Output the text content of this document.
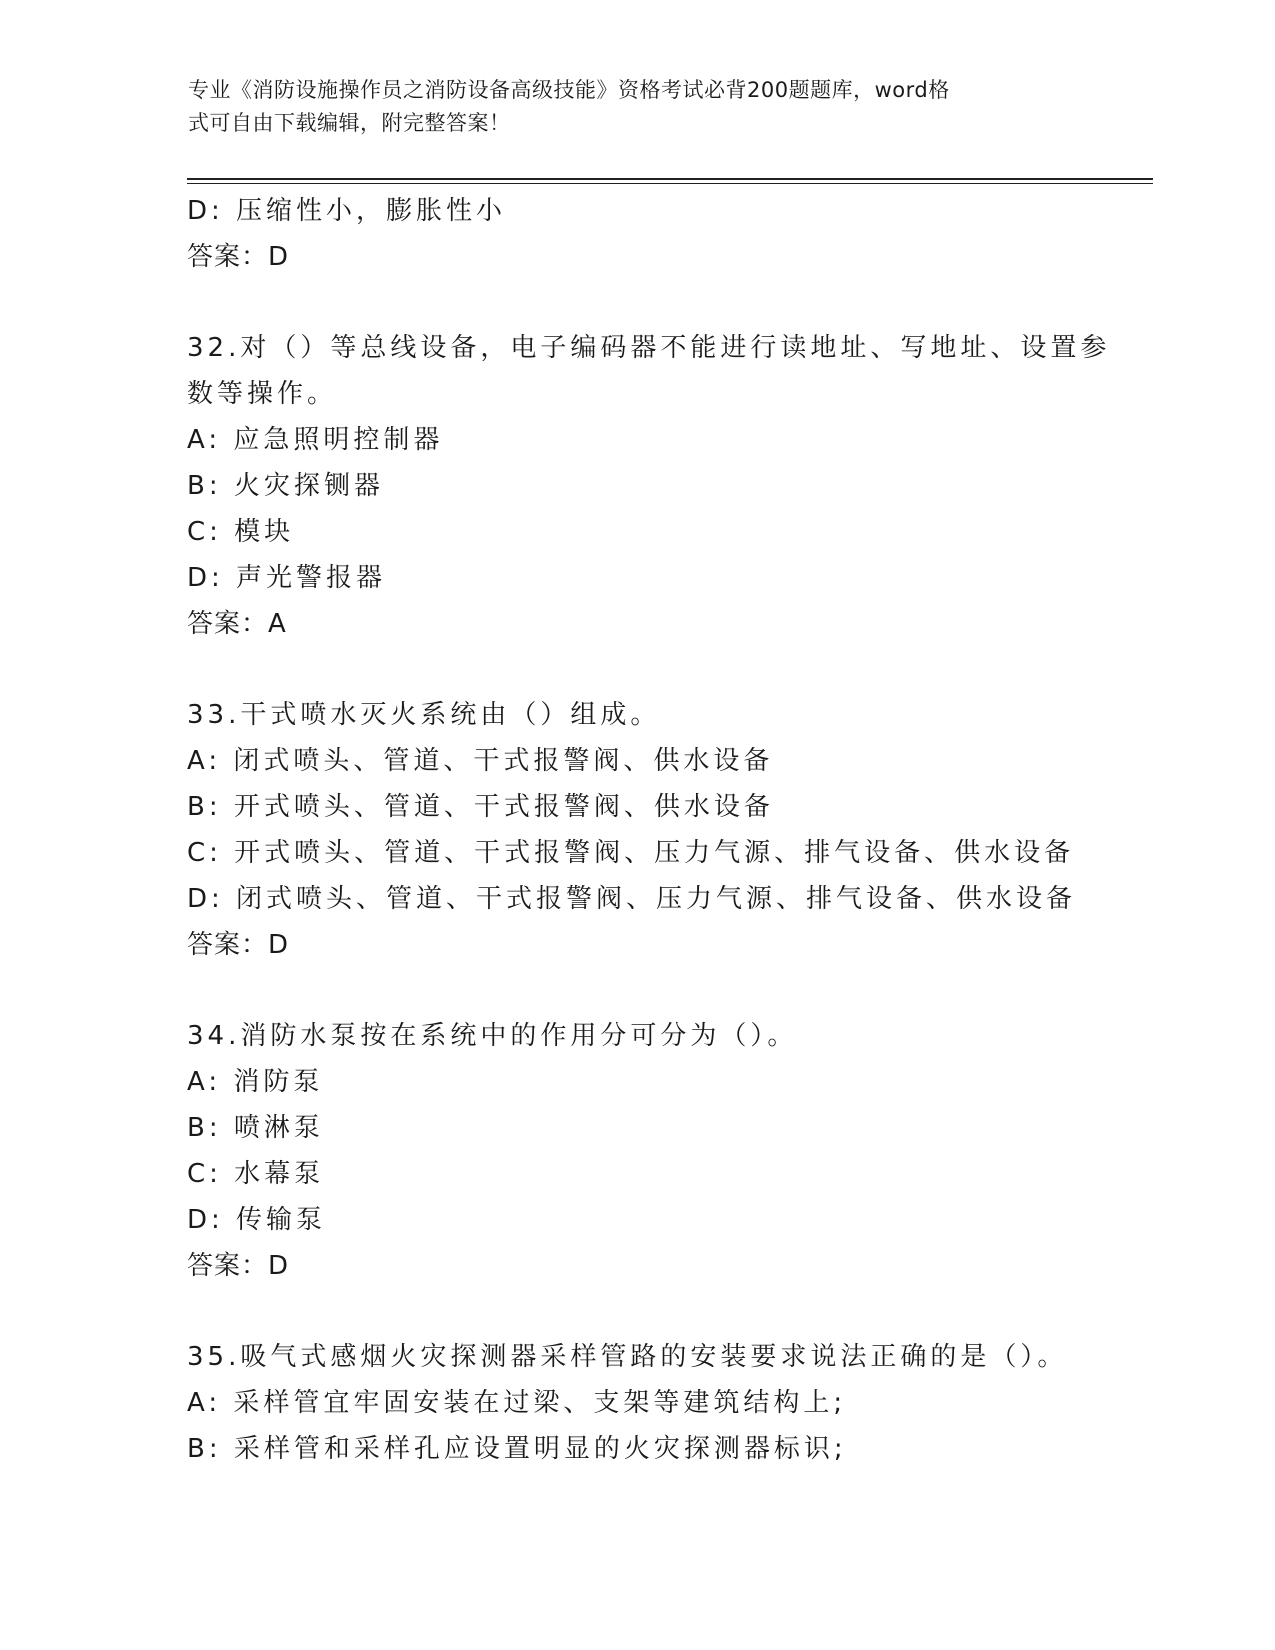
专业《消防设施操作员之消防设备高级技能》资格考试必背200题题库，word格
式可自由下载编辑，附完整答案！
D: 压缩性小，膨胀性小
答案：D
32.对（）等总线设备，电子编码器不能进行读地址、写地址、设置参
数等操作。
A: 应急照明控制器
B: 火灾探铡器
C: 模块
D: 声光警报器
答案：A
33.干式喷水灭火系统由（）组成。
A: 闭式喷头、管道、干式报警阀、供水设备
B: 开式喷头、管道、干式报警阀、供水设备
C: 开式喷头、管道、干式报警阀、压力气源、排气设备、供水设备
D: 闭式喷头、管道、干式报警阀、压力气源、排气设备、供水设备
答案：D
34.消防水泵按在系统中的作用分可分为（）。
A: 消防泵
B: 喷淋泵
C: 水幕泵
D: 传输泵
答案：D
35.吸气式感烟火灾探测器采样管路的安装要求说法正确的是（）。
A: 采样管宜牢固安装在过梁、支架等建筑结构上;
B: 采样管和采样孔应设置明显的火灾探测器标识;
